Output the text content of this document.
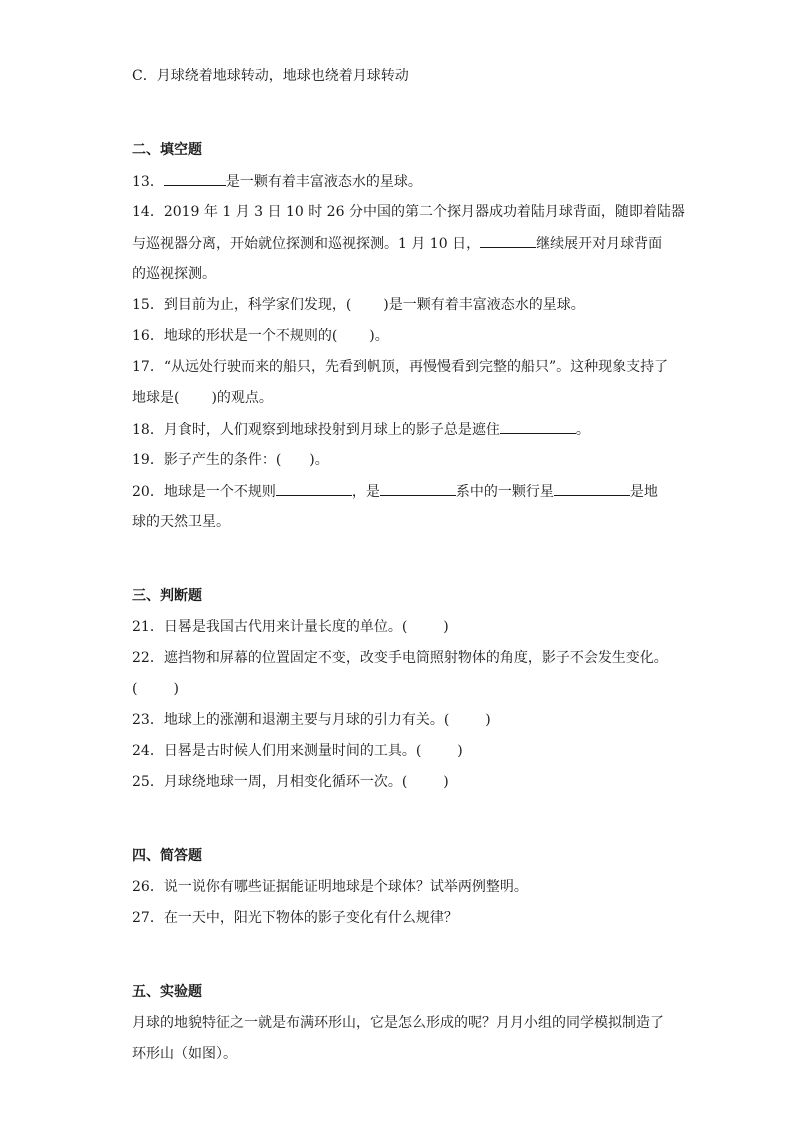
C．月球绕着地球转动，地球也绕着月球转动
二、填空题
13．	是一颗有着丰富液态水的星球。
14．2019 年 1 月 3 日 10 时 26 分中国的第二个探月器成功着陆月球背面，随即着陆器
与巡视器分离，开始就位探测和巡视探测。1 月 10 日，	继续展开对月球背面
的巡视探测。
15．到目前为止，科学家们发现，( )是一颗有着丰富液态水的星球。
16．地球的形状是一个不规则的( )。
17．“从远处行驶而来的船只，先看到帆顶，再慢慢看到完整的船只”。这种现象支持了
地球是( )的观点。
18．月食时，人们观察到地球投射到月球上的影子总是遮住	。
19．影子产生的条件：( )。
20．地球是一个不规则	，是	系中的一颗行星	是地
球的天然卫星。
三、判断题
21．日晷是我国古代用来计量长度的单位。(	)
22．遮挡物和屏幕的位置固定不变，改变手电筒照射物体的角度，影子不会发生变化。
(	)
23．地球上的涨潮和退潮主要与月球的引力有关。(	)
24．日晷是古时候人们用来测量时间的工具。(	)
25．月球绕地球一周，月相变化循环一次。(	)
四、简答题
26．说一说你有哪些证据能证明地球是个球体？试举两例整明。
27．在一天中，阳光下物体的影子变化有什么规律？
五、实验题
月球的地貌特征之一就是布满环形山，它是怎么形成的呢？月月小组的同学模拟制造了
环形山（如图）。
